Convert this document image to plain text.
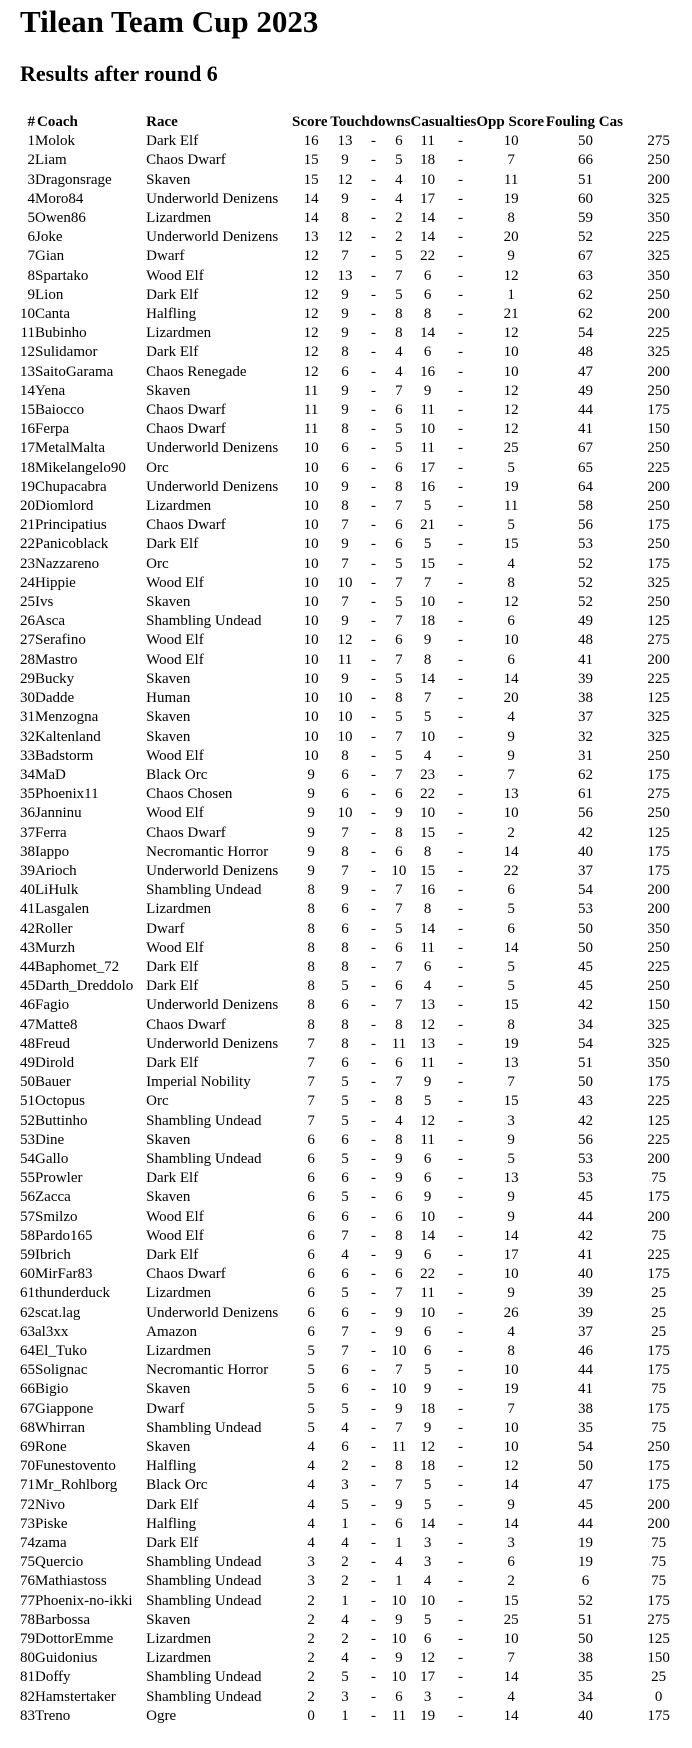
Tilean Team Cup 2023
Results after round 6
#	Coach	Race	Score	Touchdowns			Casualties		Opp Score	Fouling Cas	
1	Molok	Dark Elf	16	13	-	6	11	-	10	50	275
2	Liam	Chaos Dwarf	15	9	-	5	18	-	7	66	250
3	Dragonsrage	Skaven	15	12	-	4	10	-	11	51	200
4	Moro84	Underworld Denizens	14	9	-	4	17	-	19	60	325
5	Owen86	Lizardmen	14	8	-	2	14	-	8	59	350
6	Joke	Underworld Denizens	13	12	-	2	14	-	20	52	225
7	Gian	Dwarf	12	7	-	5	22	-	9	67	325
8	Spartako	Wood Elf	12	13	-	7	6	-	12	63	350
9	Lion	Dark Elf	12	9	-	5	6	-	1	62	250
10	Canta	Halfling	12	9	-	8	8	-	21	62	200
11	Bubinho	Lizardmen	12	9	-	8	14	-	12	54	225
12	Sulidamor	Dark Elf	12	8	-	4	6	-	10	48	325
13	SaitoGarama	Chaos Renegade	12	6	-	4	16	-	10	47	200
14	Yena	Skaven	11	9	-	7	9	-	12	49	250
15	Baiocco	Chaos Dwarf	11	9	-	6	11	-	12	44	175
16	Ferpa	Chaos Dwarf	11	8	-	5	10	-	12	41	150
17	MetalMalta	Underworld Denizens	10	6	-	5	11	-	25	67	250
18	Mikelangelo90	Orc	10	6	-	6	17	-	5	65	225
19	Chupacabra	Underworld Denizens	10	9	-	8	16	-	19	64	200
20	Diomlord	Lizardmen	10	8	-	7	5	-	11	58	250
21	Principatius	Chaos Dwarf	10	7	-	6	21	-	5	56	175
22	Panicoblack	Dark Elf	10	9	-	6	5	-	15	53	250
23	Nazzareno	Orc	10	7	-	5	15	-	4	52	175
24	Hippie	Wood Elf	10	10	-	7	7	-	8	52	325
25	Ivs	Skaven	10	7	-	5	10	-	12	52	250
26	Asca	Shambling Undead	10	9	-	7	18	-	6	49	125
27	Serafino	Wood Elf	10	12	-	6	9	-	10	48	275
28	Mastro	Wood Elf	10	11	-	7	8	-	6	41	200
29	Bucky	Skaven	10	9	-	5	14	-	14	39	225
30	Dadde	Human	10	10	-	8	7	-	20	38	125
31	Menzogna	Skaven	10	10	-	5	5	-	4	37	325
32	Kaltenland	Skaven	10	10	-	7	10	-	9	32	325
33	Badstorm	Wood Elf	10	8	-	5	4	-	9	31	250
34	MaD	Black Orc	9	6	-	7	23	-	7	62	175
35	Phoenix11	Chaos Chosen	9	6	-	6	22	-	13	61	275
36	Janninu	Wood Elf	9	10	-	9	10	-	10	56	250
37	Ferra	Chaos Dwarf	9	7	-	8	15	-	2	42	125
38	Iappo	Necromantic Horror	9	8	-	6	8	-	14	40	175
39	Arioch	Underworld Denizens	9	7	-	10	15	-	22	37	175
40	LiHulk	Shambling Undead	8	9	-	7	16	-	6	54	200
41	Lasgalen	Lizardmen	8	6	-	7	8	-	5	53	200
42	Roller	Dwarf	8	6	-	5	14	-	6	50	350
43	Murzh	Wood Elf	8	8	-	6	11	-	14	50	250
44	Baphomet_72	Dark Elf	8	8	-	7	6	-	5	45	225
45	Darth_Dreddolo	Dark Elf	8	5	-	6	4	-	5	45	250
46	Fagio	Underworld Denizens	8	6	-	7	13	-	15	42	150
47	Matte8	Chaos Dwarf	8	8	-	8	12	-	8	34	325
48	Freud	Underworld Denizens	7	8	-	11	13	-	19	54	325
49	Dirold	Dark Elf	7	6	-	6	11	-	13	51	350
50	Bauer	Imperial Nobility	7	5	-	7	9	-	7	50	175
51	Octopus	Orc	7	5	-	8	5	-	15	43	225
52	Buttinho	Shambling Undead	7	5	-	4	12	-	3	42	125
53	Dine	Skaven	6	6	-	8	11	-	9	56	225
54	Gallo	Shambling Undead	6	5	-	9	6	-	5	53	200
55	Prowler	Dark Elf	6	6	-	9	6	-	13	53	75
56	Zacca	Skaven	6	5	-	6	9	-	9	45	175
57	Smilzo	Wood Elf	6	6	-	6	10	-	9	44	200
58	Pardo165	Wood Elf	6	7	-	8	14	-	14	42	75
59	Ibrich	Dark Elf	6	4	-	9	6	-	17	41	225
60	MirFar83	Chaos Dwarf	6	6	-	6	22	-	10	40	175
61	thunderduck	Lizardmen	6	5	-	7	11	-	9	39	25
62	scat.lag	Underworld Denizens	6	6	-	9	10	-	26	39	25
63	al3xx	Amazon	6	7	-	9	6	-	4	37	25
64	El_Tuko	Lizardmen	5	7	-	10	6	-	8	46	175
65	Solignac	Necromantic Horror	5	6	-	7	5	-	10	44	175
66	Bigio	Skaven	5	6	-	10	9	-	19	41	75
67	Giappone	Dwarf	5	5	-	9	18	-	7	38	175
68	Whirran	Shambling Undead	5	4	-	7	9	-	10	35	75
69	Rone	Skaven	4	6	-	11	12	-	10	54	250
70	Funestovento	Halfling	4	2	-	8	18	-	12	50	175
71	Mr_Rohlborg	Black Orc	4	3	-	7	5	-	14	47	175
72	Nivo	Dark Elf	4	5	-	9	5	-	9	45	200
73	Piske	Halfling	4	1	-	6	14	-	14	44	200
74	zama	Dark Elf	4	4	-	1	3	-	3	19	75
75	Quercio	Shambling Undead	3	2	-	4	3	-	6	19	75
76	Mathiastoss	Shambling Undead	3	2	-	1	4	-	2	6	75
77	Phoenix-no-ikki	Shambling Undead	2	1	-	10	10	-	15	52	175
78	Barbossa	Skaven	2	4	-	9	5	-	25	51	275
79	DottorEmme	Lizardmen	2	2	-	10	6	-	10	50	125
80	Guidonius	Lizardmen	2	4	-	9	12	-	7	38	150
81	Doffy	Shambling Undead	2	5	-	10	17	-	14	35	25
82	Hamstertaker	Shambling Undead	2	3	-	6	3	-	4	34	0
83	Treno	Ogre	0	1	-	11	19	-	14	40	175
